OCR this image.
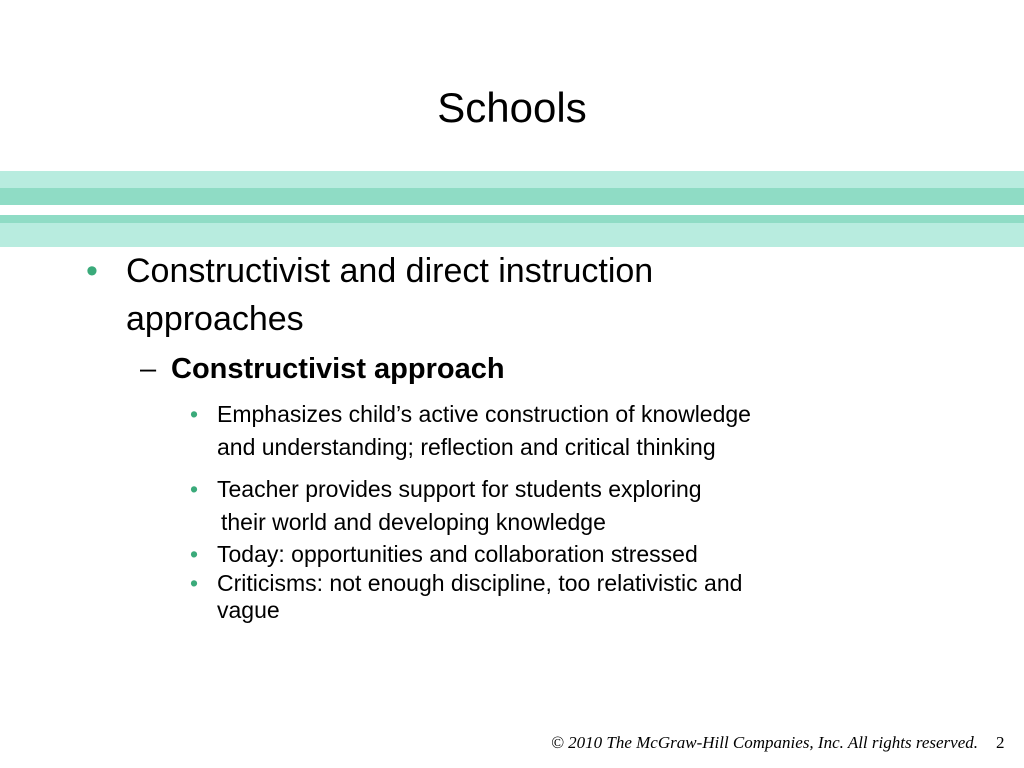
Schools
• Constructivist and direct instruction approaches
– Constructivist approach
• Emphasizes child’s active construction of knowledge
and understanding; reflection and critical thinking
• Teacher provides support for students exploring
their world and developing knowledge
• Today: opportunities and collaboration stressed
• Criticisms: not enough discipline, too relativistic and
vague
© 2010 The McGraw-Hill Companies, Inc. All rights reserved. 2
